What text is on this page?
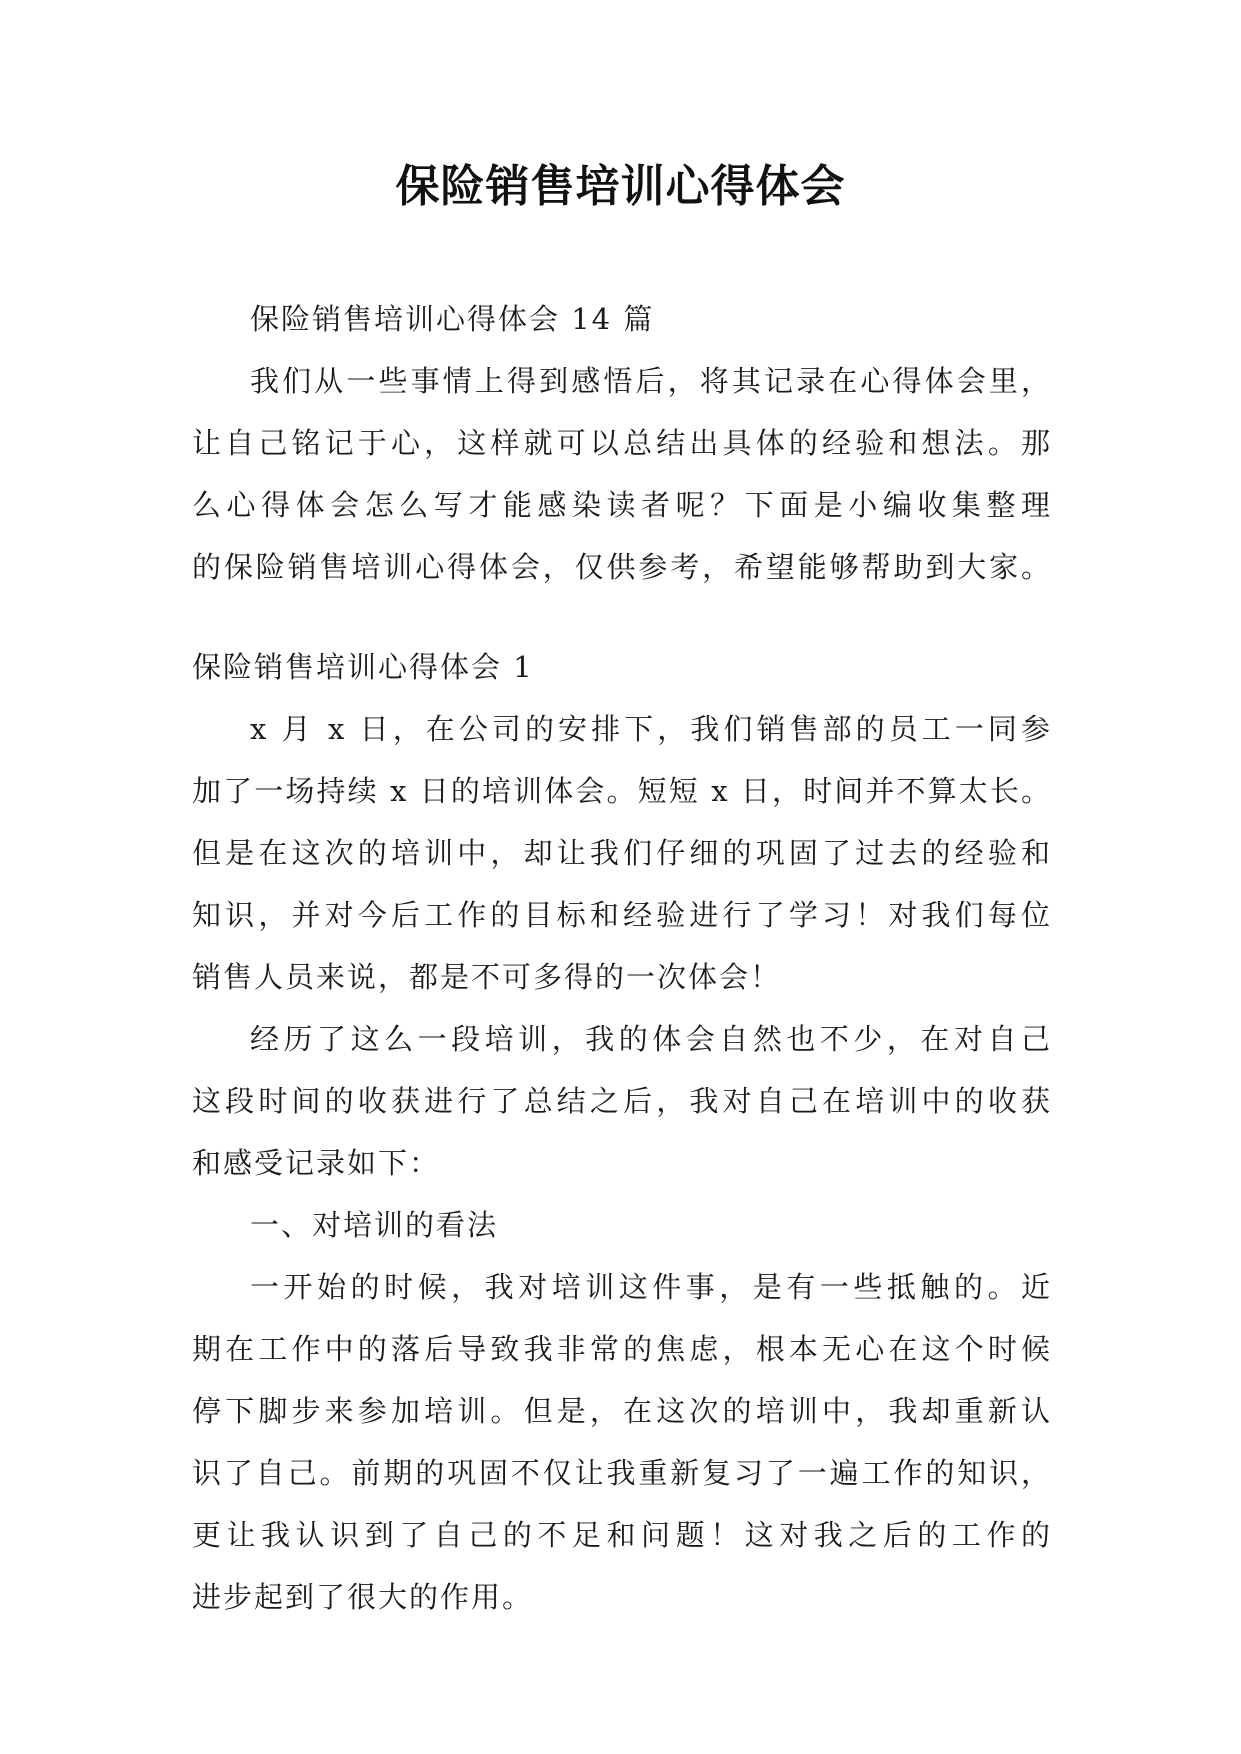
保险销售培训心得体会

保险销售培训心得体会 14 篇

我们从一些事情上得到感悟后，将其记录在心得体会里，

让自己铭记于心，这样就可以总结出具体的经验和想法。那

么心得体会怎么写才能感染读者呢？下面是小编收集整理

的保险销售培训心得体会，仅供参考，希望能够帮助到大家。

保险销售培训心得体会 1

x 月 x 日，在公司的安排下，我们销售部的员工一同参

加了一场持续 x 日的培训体会。短短 x 日，时间并不算太长。

但是在这次的培训中，却让我们仔细的巩固了过去的经验和

知识，并对今后工作的目标和经验进行了学习！对我们每位

销售人员来说，都是不可多得的一次体会！

经历了这么一段培训，我的体会自然也不少，在对自己

这段时间的收获进行了总结之后，我对自己在培训中的收获

和感受记录如下：

一、对培训的看法

一开始的时候，我对培训这件事，是有一些抵触的。近

期在工作中的落后导致我非常的焦虑，根本无心在这个时候

停下脚步来参加培训。但是，在这次的培训中，我却重新认

识了自己。前期的巩固不仅让我重新复习了一遍工作的知识，

更让我认识到了自己的不足和问题！这对我之后的工作的

进步起到了很大的作用。
